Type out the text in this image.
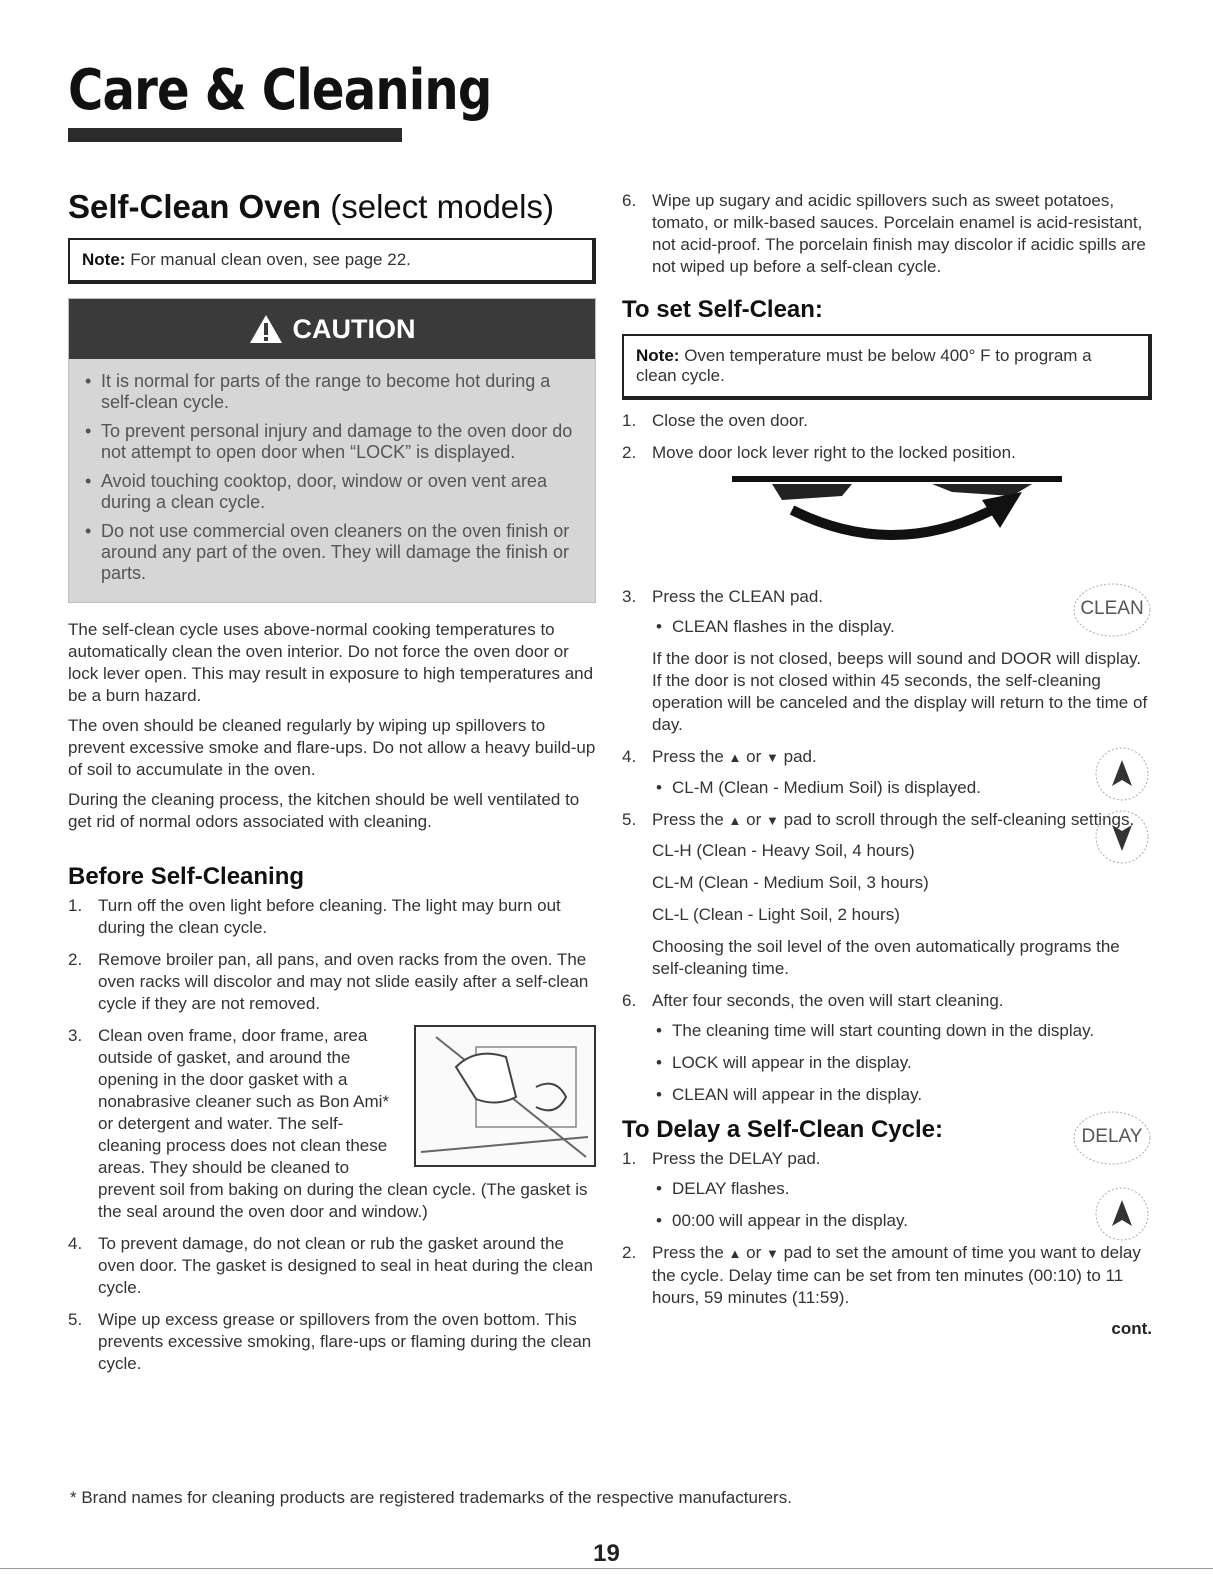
Care & Cleaning
Self-Clean Oven (select models)
Note: For manual clean oven, see page 22.
CAUTION
• It is normal for parts of the range to become hot during a self-clean cycle.
• To prevent personal injury and damage to the oven door do not attempt to open door when “LOCK” is displayed.
• Avoid touching cooktop, door, window or oven vent area during a clean cycle.
• Do not use commercial oven cleaners on the oven finish or around any part of the oven. They will damage the finish or parts.

The self-clean cycle uses above-normal cooking temperatures to automatically clean the oven interior. Do not force the oven door or lock lever open. This may result in exposure to high temperatures and be a burn hazard.

The oven should be cleaned regularly by wiping up spillovers to prevent excessive smoke and flare-ups. Do not allow a heavy build-up of soil to accumulate in the oven.

During the cleaning process, the kitchen should be well ventilated to get rid of normal odors associated with cleaning.

Before Self-Cleaning
1. Turn off the oven light before cleaning. The light may burn out during the clean cycle.
2. Remove broiler pan, all pans, and oven racks from the oven. The oven racks will discolor and may not slide easily after a self-clean cycle if they are not removed.
3. Clean oven frame, door frame, area outside of gasket, and around the opening in the door gasket with a nonabrasive cleaner such as Bon Ami* or detergent and water. The self-cleaning process does not clean these areas. They should be cleaned to prevent soil from baking on during the clean cycle. (The gasket is the seal around the oven door and window.)
4. To prevent damage, do not clean or rub the gasket around the oven door. The gasket is designed to seal in heat during the clean cycle.
5. Wipe up excess grease or spillovers from the oven bottom. This prevents excessive smoking, flare-ups or flaming during the clean cycle.
6. Wipe up sugary and acidic spillovers such as sweet potatoes, tomato, or milk-based sauces. Porcelain enamel is acid-resistant, not acid-proof. The porcelain finish may discolor if acidic spills are not wiped up before a self-clean cycle.
To set Self-Clean:
Note: Oven temperature must be below 400° F to program a clean cycle.
1. Close the oven door.
2. Move door lock lever right to the locked position.
3. Press the CLEAN pad.
CLEAN
• CLEAN flashes in the display.
If the door is not closed, beeps will sound and DOOR will display. If the door is not closed within 45 seconds, the self-cleaning operation will be canceled and the display will return to the time of day.
4. Press the ▲ or ▼ pad.
• CL-M (Clean - Medium Soil) is displayed.
5. Press the ▲ or ▼ pad to scroll through the self-cleaning settings.
CL-H (Clean - Heavy Soil, 4 hours)
CL-M (Clean - Medium Soil, 3 hours)
CL-L (Clean - Light Soil, 2 hours)
Choosing the soil level of the oven automatically programs the self-cleaning time.
6. After four seconds, the oven will start cleaning.
• The cleaning time will start counting down in the display.
• LOCK will appear in the display.
• CLEAN will appear in the display.
To Delay a Self-Clean Cycle:	DELAY
1. Press the DELAY pad.
• DELAY flashes.
• 00:00 will appear in the display.
2. Press the ▲ or ▼ pad to set the amount of time you want to delay the cycle. Delay time can be set from ten minutes (00:10) to 11 hours, 59 minutes (11:59).
cont.
* Brand names for cleaning products are registered trademarks of the respective manufacturers.
19
